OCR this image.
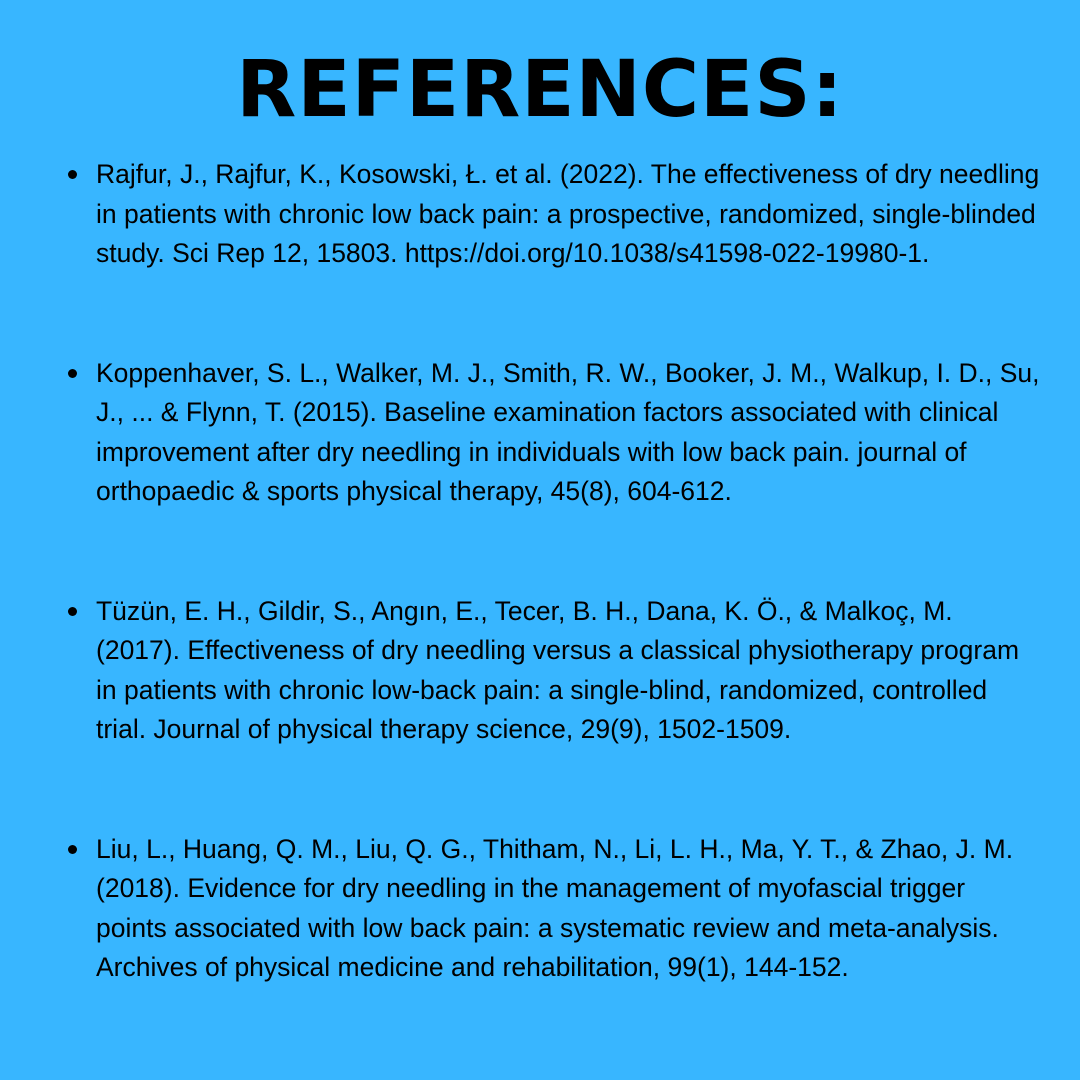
REFERENCES:
Rajfur, J., Rajfur, K., Kosowski, Ł. et al. (2022). The effectiveness of dry needling in patients with chronic low back pain: a prospective, randomized, single-blinded study. Sci Rep 12, 15803. https://doi.org/10.1038/s41598-022-19980-1.
Koppenhaver, S. L., Walker, M. J., Smith, R. W., Booker, J. M., Walkup, I. D., Su, J., ... & Flynn, T. (2015). Baseline examination factors associated with clinical improvement after dry needling in individuals with low back pain. journal of orthopaedic & sports physical therapy, 45(8), 604-612.
Tüzün, E. H., Gildir, S., Angın, E., Tecer, B. H., Dana, K. Ö., & Malkoç, M. (2017). Effectiveness of dry needling versus a classical physiotherapy program in patients with chronic low-back pain: a single-blind, randomized, controlled trial. Journal of physical therapy science, 29(9), 1502-1509.
Liu, L., Huang, Q. M., Liu, Q. G., Thitham, N., Li, L. H., Ma, Y. T., & Zhao, J. M. (2018). Evidence for dry needling in the management of myofascial trigger points associated with low back pain: a systematic review and meta-analysis. Archives of physical medicine and rehabilitation, 99(1), 144-152.
